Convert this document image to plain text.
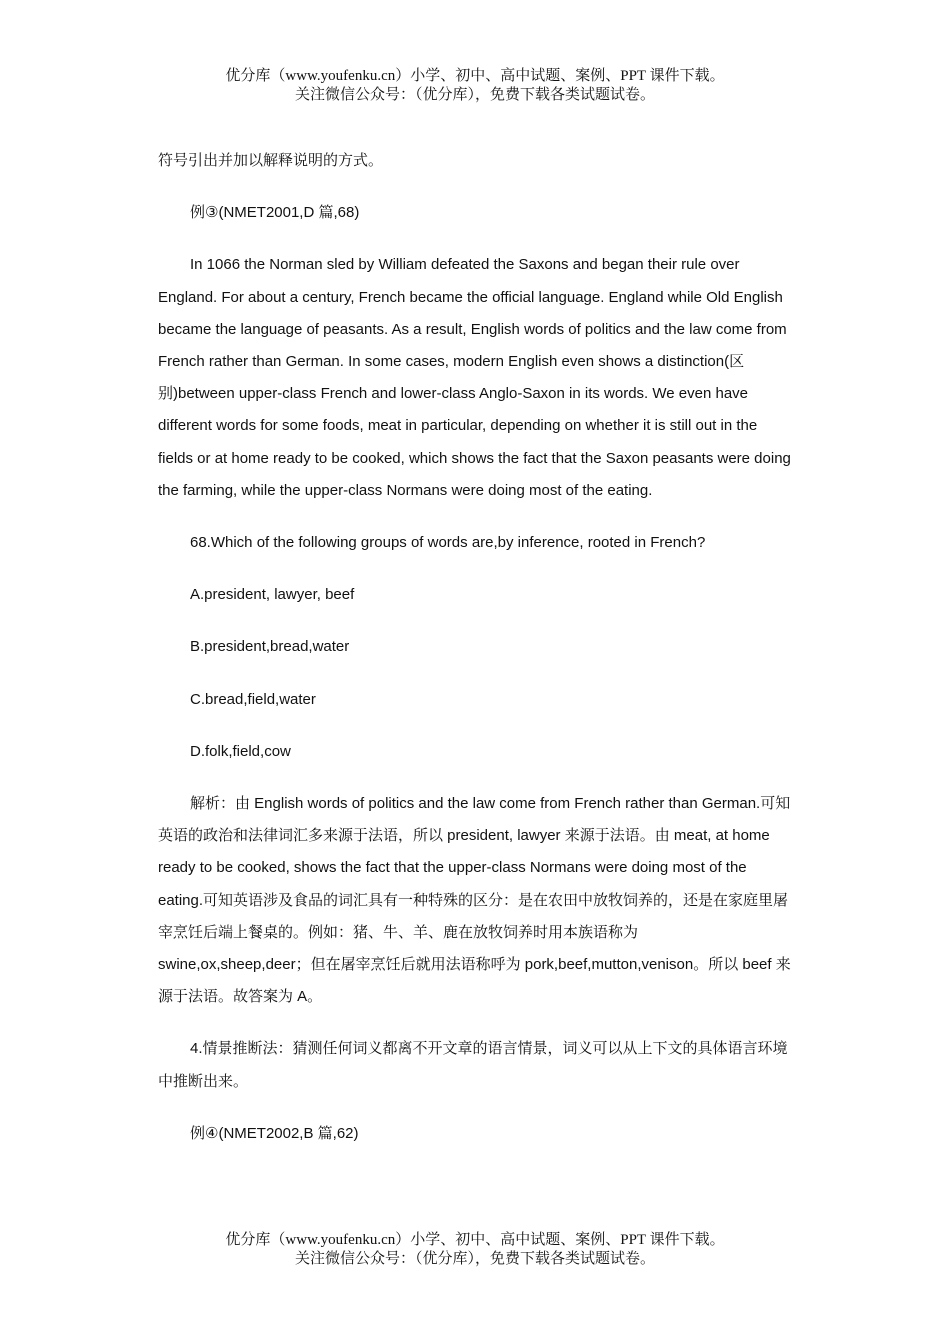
优分库（www.youfenku.cn）小学、初中、高中试题、案例、PPT 课件下载。
关注微信公众号：（优分库），免费下载各类试题试卷。

符号引出并加以解释说明的方式。

例③(NMET2001,D 篇,68)

In 1066 the Norman sled by William defeated the Saxons and began their rule over England. For about a century, French became the official language. England while Old English became the language of peasants. As a result, English words of politics and the law come from French rather than German. In some cases, modern English even shows a distinction(区别)between upper-class French and lower-class Anglo-Saxon in its words. We even have different words for some foods, meat in particular, depending on whether it is still out in the fields or at home ready to be cooked, which shows the fact that the Saxon peasants were doing the farming, while the upper-class Normans were doing most of the eating.

68.Which of the following groups of words are,by inference, rooted in French?

A.president, lawyer, beef

B.president,bread,water

C.bread,field,water

D.folk,field,cow

解析：由 English words of politics and the law come from French rather than German.可知英语的政治和法律词汇多来源于法语，所以 president, lawyer 来源于法语。由 meat, at home ready to be cooked, shows the fact that the upper-class Normans were doing most of the eating.可知英语涉及食品的词汇具有一种特殊的区分：是在农田中放牧饲养的，还是在家庭里屠宰烹饪后端上餐桌的。例如：猪、牛、羊、鹿在放牧饲养时用本族语称为 swine,ox,sheep,deer；但在屠宰烹饪后就用法语称呼为 pork,beef,mutton,venison。所以 beef 来源于法语。故答案为 A。

4.情景推断法：猜测任何词义都离不开文章的语言情景，词义可以从上下文的具体语言环境中推断出来。

例④(NMET2002,B 篇,62)

优分库（www.youfenku.cn）小学、初中、高中试题、案例、PPT 课件下载。
关注微信公众号：（优分库），免费下载各类试题试卷。
